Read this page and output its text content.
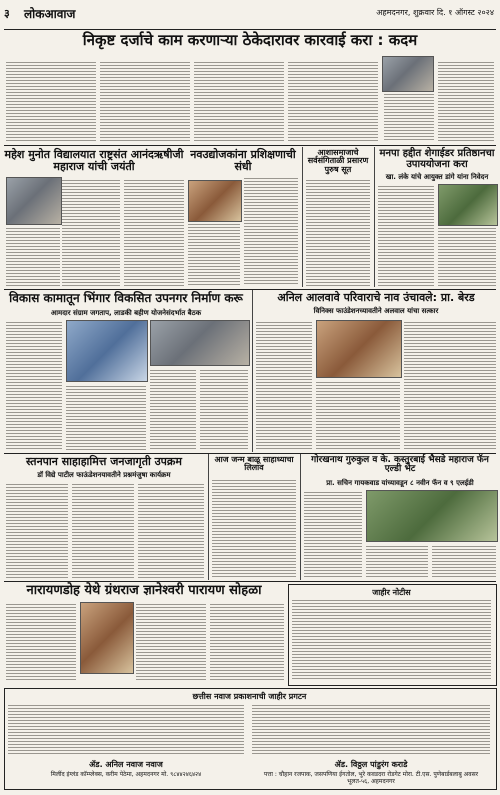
३ लोकआवाज	अहमदनगर, शुक्रवार दि. १ ऑगस्ट २०२४
निकृष्ट दर्जाचे काम करणाऱ्या ठेकेदारावर कारवाई करा : कदम
महेश मुनोत विद्यालयात राष्ट्रसंत आनंदऋषीजी महाराज यांची जयंती
नवउद्योजकांना प्रशिक्षणाची संधी
आशासमाजाचे सर्वसंगिताळी प्रसारण पुरुष सूत
मनपा हद्दीत शेगाईडर प्रतिष्ठानचा उपाययोजना करा
खा. लंके यांचे आयुक्त डांगे यांना निवेदन
विकास कामातून भिंगार विकसित उपनगर निर्माण करू
आमदार संग्राम जगताप, लाडकी बहीण योजनेसंदर्भात बैठक
अनिल आलवावे परिवाराचे नाव उंचावले: प्रा. बेरड
विनिक्स फाउंडेशनच्यावतीने अलवाल यांचा सत्कार
स्तनपान साहाहामित्त जनजागृती उपक्रम
डॉ विद्ये पाटील फाऊंडेशनयावतीने प्रश्नमंजुषा कार्यक्रम
आज जन्म बाळू साहाध्याचा लिलाव
गोरखनाथ गुरुकुल व के. कस्तुरबाई भैसडे महाराज फॅन एल्डी भेट
प्रा. सचिन गायकवाड यांच्यावडून ८ नवीन फॅन व ९ एलईडी
नारायणडोह येथे ग्रंथराज ज्ञानेश्वरी पारायण सोहळा	जाहीर नोटीस
छत्तीस नवाज प्रकाशनाची जाहीर प्रगटन
ॲड. अनिल नवाज नवाज
मिलींद इंग्लंड कॉम्प्लेक्स, करीम पेठेमा, अहमदनगर मो. ९८४४२४६४२४
ॲड. विठ्ठल पांडुरंग कराडे
पत्ता : चौहान रजपाक, जसपणिया ईगतोल, भुरे कवडदरा रोडगेट मोरा. टी.एस. पुणेबार्डबलाबु अवसर भूलत-५६, अहमदनगर
